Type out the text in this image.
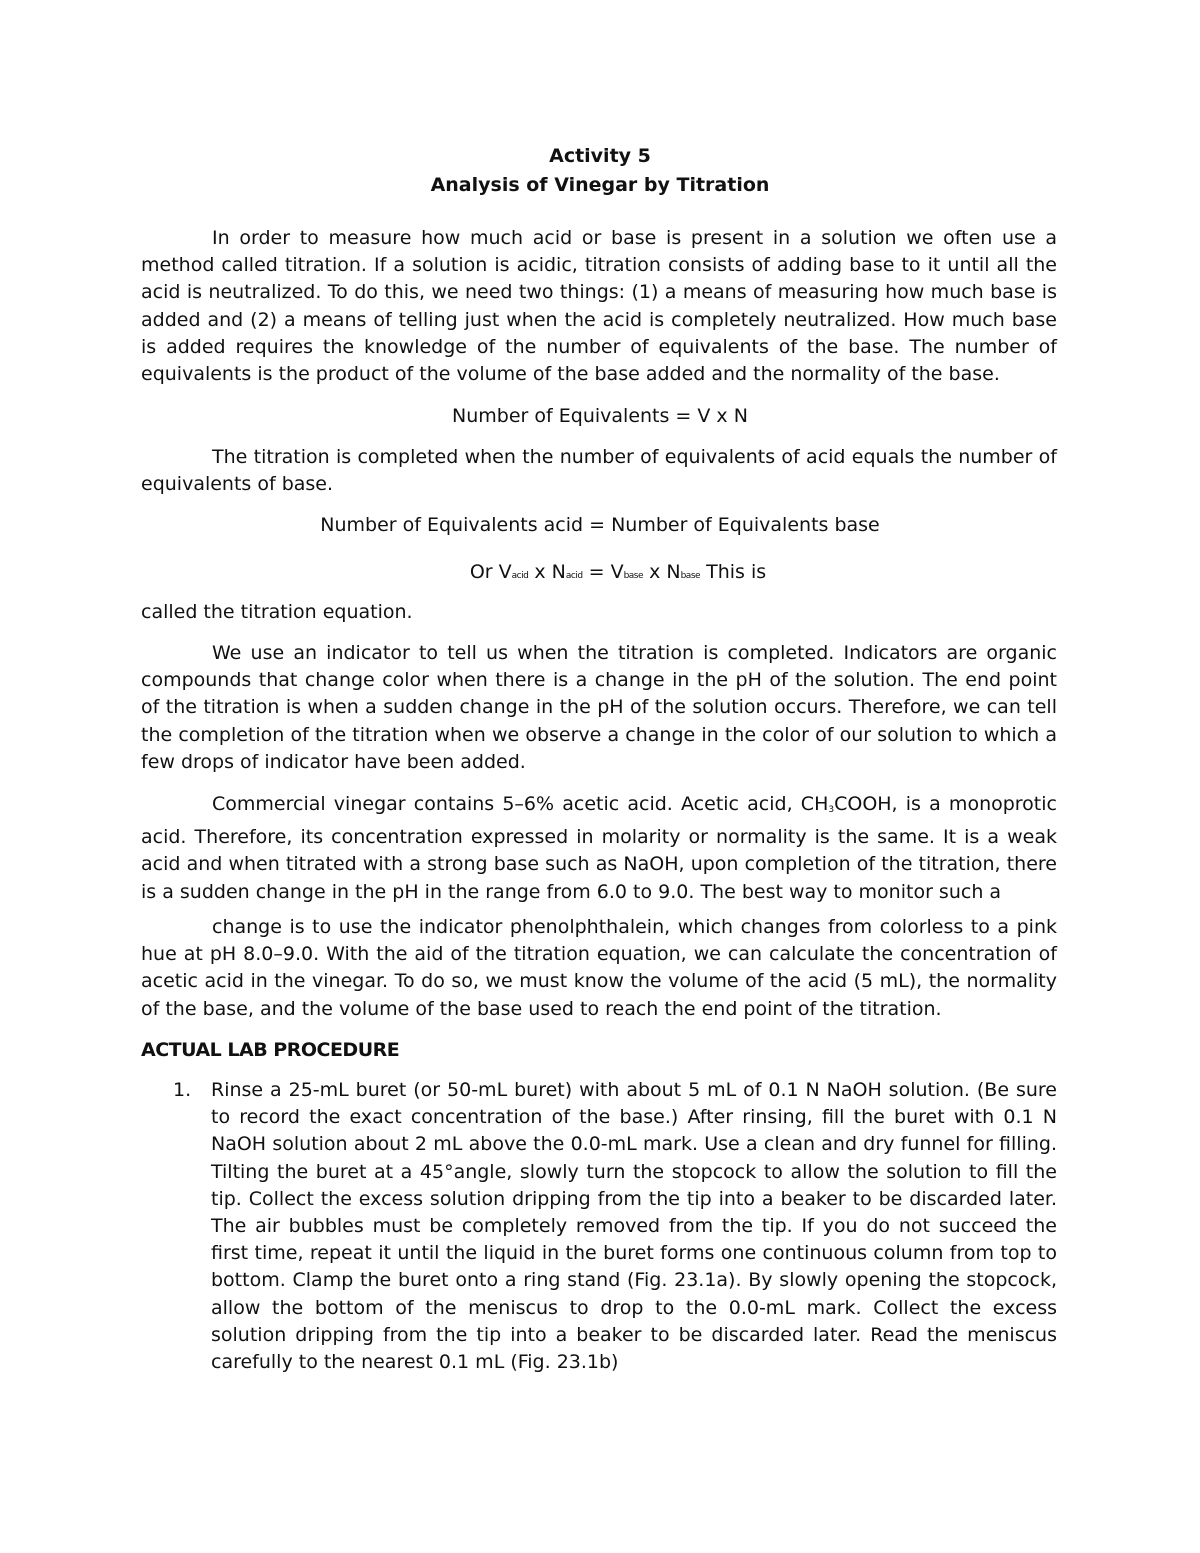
Activity 5
Analysis of Vinegar by Titration

In order to measure how much acid or base is present in a solution we often use a method called titration. If a solution is acidic, titration consists of adding base to it until all the acid is neutralized. To do this, we need two things: (1) a means of measuring how much base is added and (2) a means of telling just when the acid is completely neutralized. How much base is added requires the knowledge of the number of equivalents of the base. The number of equivalents is the product of the volume of the base added and the normality of the base.

Number of Equivalents = V x N

The titration is completed when the number of equivalents of acid equals the number of equivalents of base.

Number of Equivalents acid = Number of Equivalents base
Or Vacid x Nacid = Vbase x Nbase This is

called the titration equation.

We use an indicator to tell us when the titration is completed. Indicators are organic compounds that change color when there is a change in the pH of the solution. The end point of the titration is when a sudden change in the pH of the solution occurs. Therefore, we can tell the completion of the titration when we observe a change in the color of our solution to which a few drops of indicator have been added.

Commercial vinegar contains 5–6% acetic acid. Acetic acid, CH3COOH, is a monoprotic acid. Therefore, its concentration expressed in molarity or normality is the same. It is a weak acid and when titrated with a strong base such as NaOH, upon completion of the titration, there is a sudden change in the pH in the range from 6.0 to 9.0. The best way to monitor such a

change is to use the indicator phenolphthalein, which changes from colorless to a pink hue at pH 8.0–9.0. With the aid of the titration equation, we can calculate the concentration of acetic acid in the vinegar. To do so, we must know the volume of the acid (5 mL), the normality of the base, and the volume of the base used to reach the end point of the titration.

ACTUAL LAB PROCEDURE
1. Rinse a 25-mL buret (or 50-mL buret) with about 5 mL of 0.1 N NaOH solution. (Be sure to record the exact concentration of the base.) After rinsing, fill the buret with 0.1 N NaOH solution about 2 mL above the 0.0-mL mark. Use a clean and dry funnel for filling. Tilting the buret at a 45°angle, slowly turn the stopcock to allow the solution to fill the tip. Collect the excess solution dripping from the tip into a beaker to be discarded later. The air bubbles must be completely removed from the tip. If you do not succeed the first time, repeat it until the liquid in the buret forms one continuous column from top to bottom. Clamp the buret onto a ring stand (Fig. 23.1a). By slowly opening the stopcock, allow the bottom of the meniscus to drop to the 0.0-mL mark. Collect the excess solution dripping from the tip into a beaker to be discarded later. Read the meniscus carefully to the nearest 0.1 mL (Fig. 23.1b)
